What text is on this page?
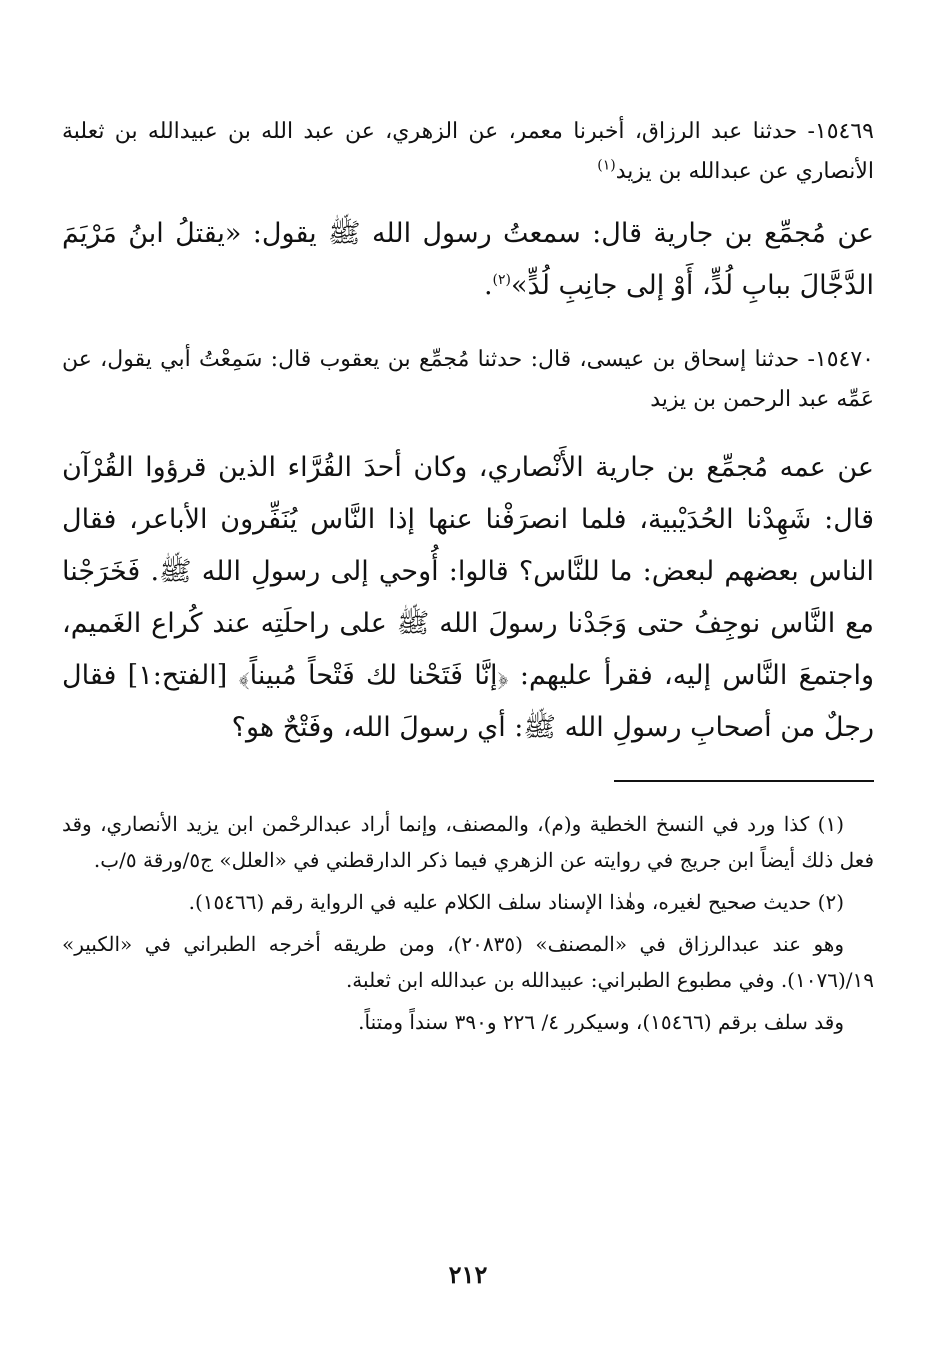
١٥٤٦٩- حدثنا عبد الرزاق، أخبرنا معمر، عن الزهري، عن عبد الله بن عبيدالله بن ثعلبة الأنصاري عن عبدالله بن يزيد$^{(١)}$

عن مُجمِّع بن جارية قال: سمعتُ رسول الله ﷺ يقول: «يقتلُ ابنُ مَرْيَمَ الدَّجَّالَ ببابِ لُدٍّ، أَوْ إلى جانِبِ لُدٍّ»$^{(٢)}$.

١٥٤٧٠- حدثنا إسحاق بن عيسى، قال: حدثنا مُجمِّع بن يعقوب قال: سَمِعْتُ أبي يقول، عن عَمِّه عبد الرحمن بن يزيد

عن عمه مُجمِّع بن جارية الأَنْصاري، وكان أحدَ القُرَّاء الذين قرؤوا القُرْآن قال: شَهِدْنا الحُدَيْبية، فلما انصرَفْنا عنها إذا النَّاس يُنَفِّرون الأباعر، فقال الناس بعضهم لبعض: ما للنَّاس؟ قالوا: أُوحي إلى رسولِ الله ﷺ. فَخَرَجْنا مع النَّاس نوجِفُ حتى وَجَدْنا رسولَ الله ﷺ على راحلَتِه عند كُراع الغَميم، واجتمعَ النَّاس إليه، فقرأ عليهم: ﴿إنَّا فَتَحْنا لك فَتْحاً مُبيناً﴾ [الفتح:١] فقال رجلٌ من أصحابِ رسولِ الله ﷺ: أي رسولَ الله، وفَتْحٌ هو؟

(١) كذا ورد في النسخ الخطية و(م)، والمصنف، وإنما أراد عبدالرحْمن ابن يزيد الأنصاري، وقد فعل ذلك أيضاً ابن جريج في روايته عن الزهري فيما ذكر الدارقطني في «العلل» ج٥/ورقة ٥/ب.

(٢) حديث صحيح لغيره، وهٰذا الإسناد سلف الكلام عليه في الرواية رقم (١٥٤٦٦).

وهو عند عبدالرزاق في «المصنف» (٢٠٨٣٥)، ومن طريقه أخرجه الطبراني في «الكبير» ١٩/(١٠٧٦). وفي مطبوع الطبراني: عبيدالله بن عبدالله ابن ثعلبة.

وقد سلف برقم (١٥٤٦٦)، وسيكرر ٤/ ٢٢٦ و٣٩٠ سنداً ومتناً.

٢١٢
